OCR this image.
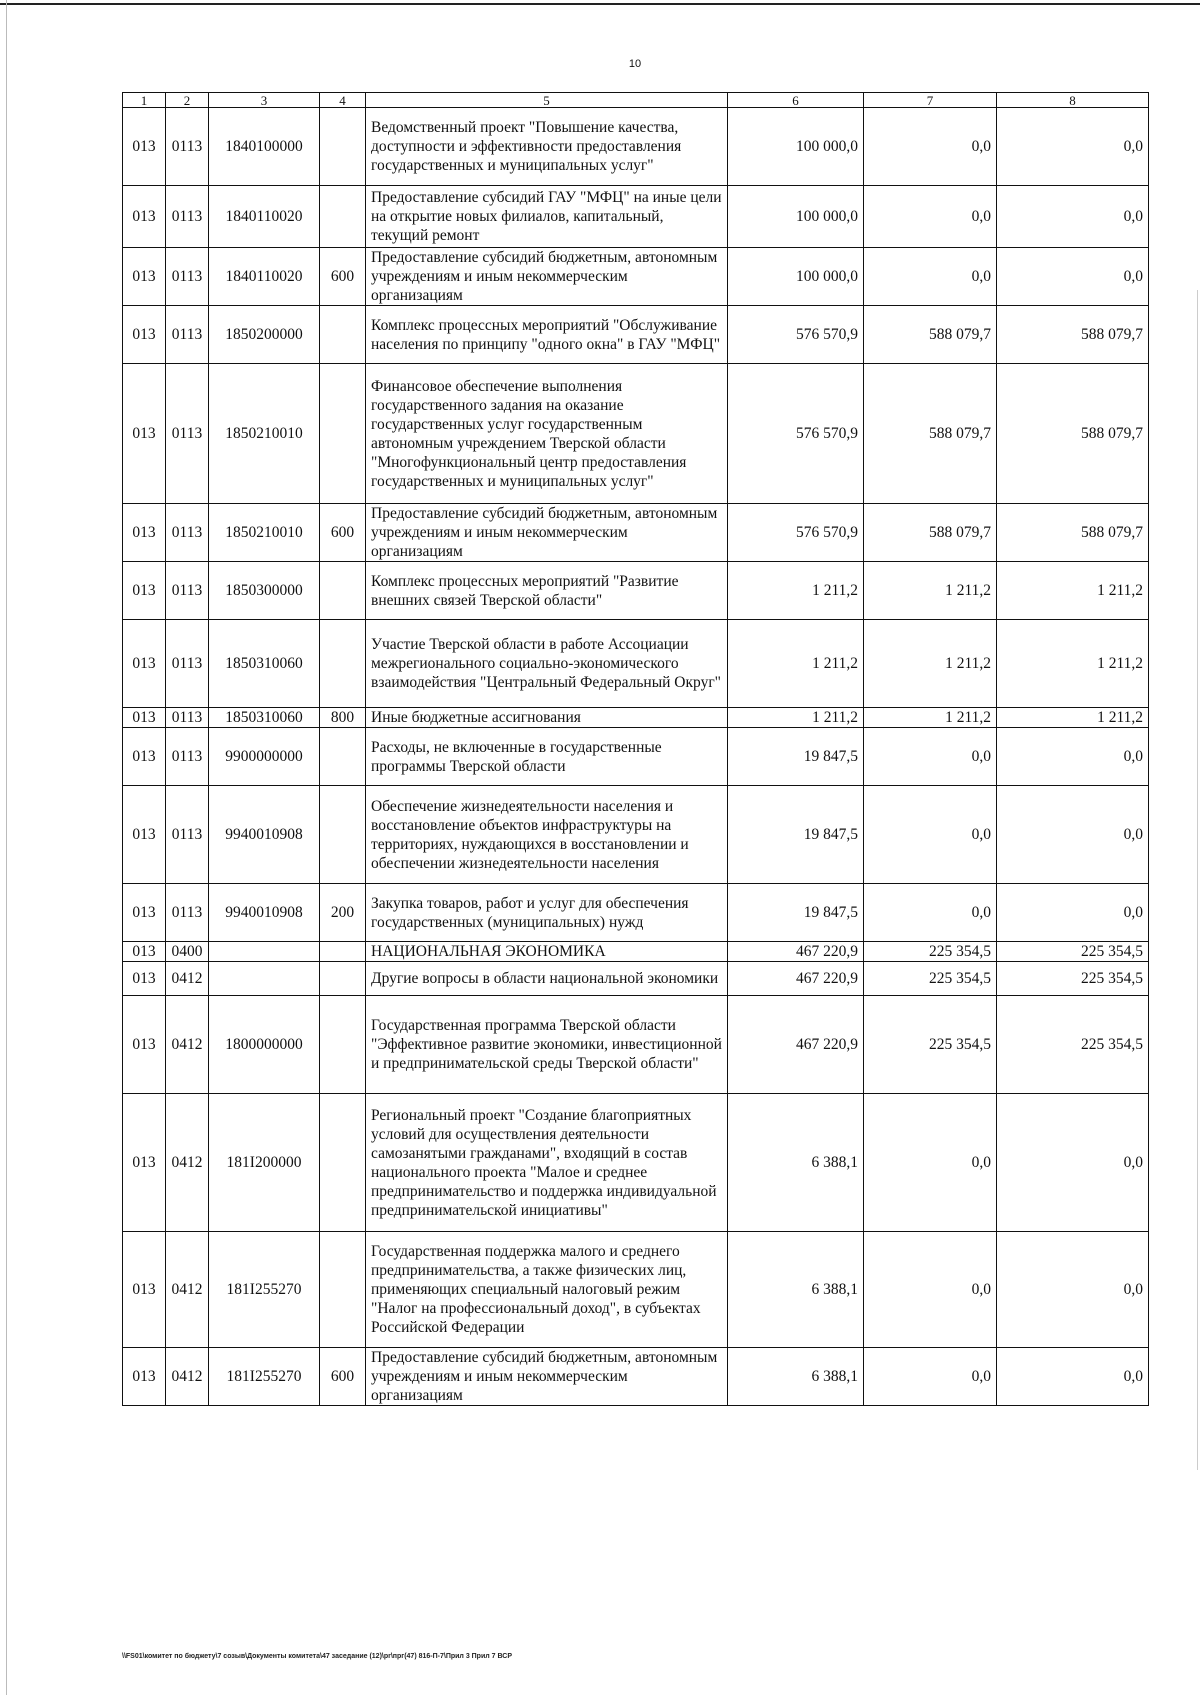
10
1	2	3	4	5	6	7	8
013	0113	1840100000		Ведомственный проект "Повышение качества, доступности и эффективности предоставления государственных и муниципальных услуг"	100 000,0	0,0	0,0
013	0113	1840110020		Предоставление субсидий ГАУ "МФЦ" на иные цели на открытие новых филиалов, капитальный, текущий ремонт	100 000,0	0,0	0,0
013	0113	1840110020	600	Предоставление субсидий бюджетным, автономным учреждениям и иным некоммерческим организациям	100 000,0	0,0	0,0
013	0113	1850200000		Комплекс процессных мероприятий "Обслуживание населения по принципу "одного окна" в ГАУ "МФЦ"	576 570,9	588 079,7	588 079,7
013	0113	1850210010		Финансовое обеспечение выполнения государственного задания на оказание государственных услуг государственным автономным учреждением Тверской области "Многофункциональный центр предоставления государственных и муниципальных услуг"	576 570,9	588 079,7	588 079,7
013	0113	1850210010	600	Предоставление субсидий бюджетным, автономным учреждениям и иным некоммерческим организациям	576 570,9	588 079,7	588 079,7
013	0113	1850300000		Комплекс процессных мероприятий "Развитие внешних связей Тверской области"	1 211,2	1 211,2	1 211,2
013	0113	1850310060		Участие Тверской области в работе Ассоциации межрегионального социально-экономического взаимодействия "Центральный Федеральный Округ"	1 211,2	1 211,2	1 211,2
013	0113	1850310060	800	Иные бюджетные ассигнования	1 211,2	1 211,2	1 211,2
013	0113	9900000000		Расходы, не включенные в государственные программы Тверской области	19 847,5	0,0	0,0
013	0113	9940010908		Обеспечение жизнедеятельности населения и восстановление объектов инфраструктуры на территориях, нуждающихся в восстановлении и обеспечении жизнедеятельности населения	19 847,5	0,0	0,0
013	0113	9940010908	200	Закупка товаров, работ и услуг для обеспечения государственных (муниципальных) нужд	19 847,5	0,0	0,0
013	0400			НАЦИОНАЛЬНАЯ ЭКОНОМИКА	467 220,9	225 354,5	225 354,5
013	0412			Другие вопросы в области национальной экономики	467 220,9	225 354,5	225 354,5
013	0412	1800000000		Государственная программа Тверской области "Эффективное развитие экономики, инвестиционной и предпринимательской среды Тверской области"	467 220,9	225 354,5	225 354,5
013	0412	181I200000		Региональный проект "Создание благоприятных условий для осуществления деятельности самозанятыми гражданами", входящий в состав национального проекта "Малое и среднее предпринимательство и поддержка индивидуальной предпринимательской инициативы"	6 388,1	0,0	0,0
013	0412	181I255270		Государственная поддержка малого и среднего предпринимательства, а также физических лиц, применяющих специальный налоговый режим "Налог на профессиональный доход", в субъектах Российской Федерации	6 388,1	0,0	0,0
013	0412	181I255270	600	Предоставление субсидий бюджетным, автономным учреждениям и иным некоммерческим организациям	6 388,1	0,0	0,0
\\FS01\комитет по бюджету\7 созыв\Документы комитета\47 заседание (12)\pr\прг(47) 816-П-7\Прил 3 Прил 7 ВСР
